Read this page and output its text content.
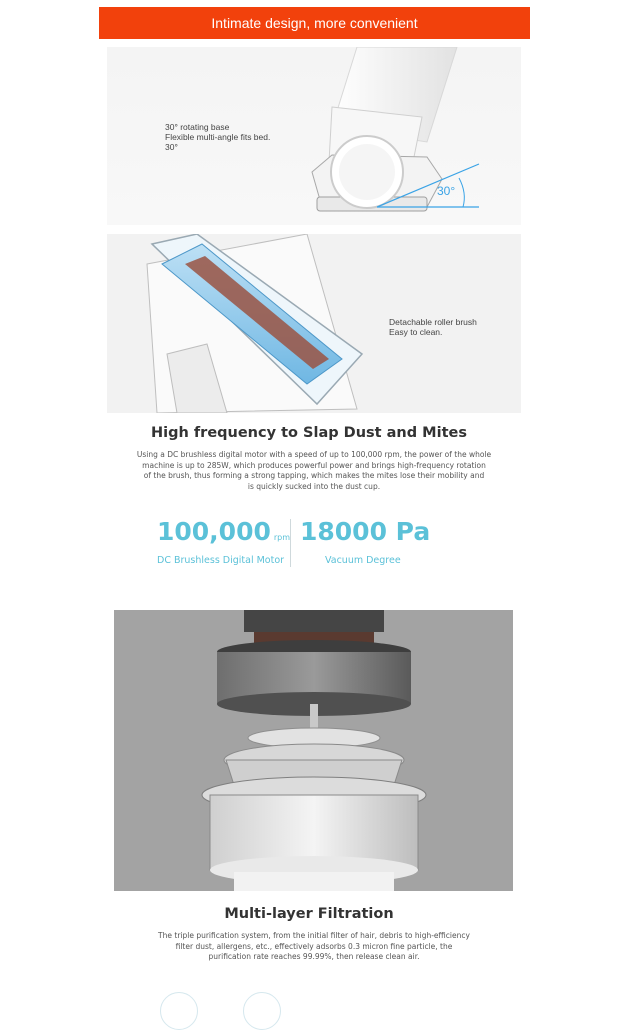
Intimate design, more convenient
30° rotating base
Flexible multi-angle fits bed.
30°
30°
Detachable roller brush
Easy to clean.
High frequency to Slap Dust and Mites
Using a DC brushless digital motor with a speed of up to 100,000 rpm, the power of the whole
machine is up to 285W, which produces powerful power and brings high-frequency rotation
of the brush, thus forming a strong tapping, which makes the mites lose their mobility and
is quickly sucked into the dust cup.
100,000 rpm
DC Brushless Digital Motor
18000 Pa
Vacuum Degree
Multi-layer Filtration
The triple purification system, from the initial filter of hair, debris to high-efficiency
filter dust, allergens, etc., effectively adsorbs 0.3 micron fine particle, the
purification rate reaches 99.99%, then release clean air.
